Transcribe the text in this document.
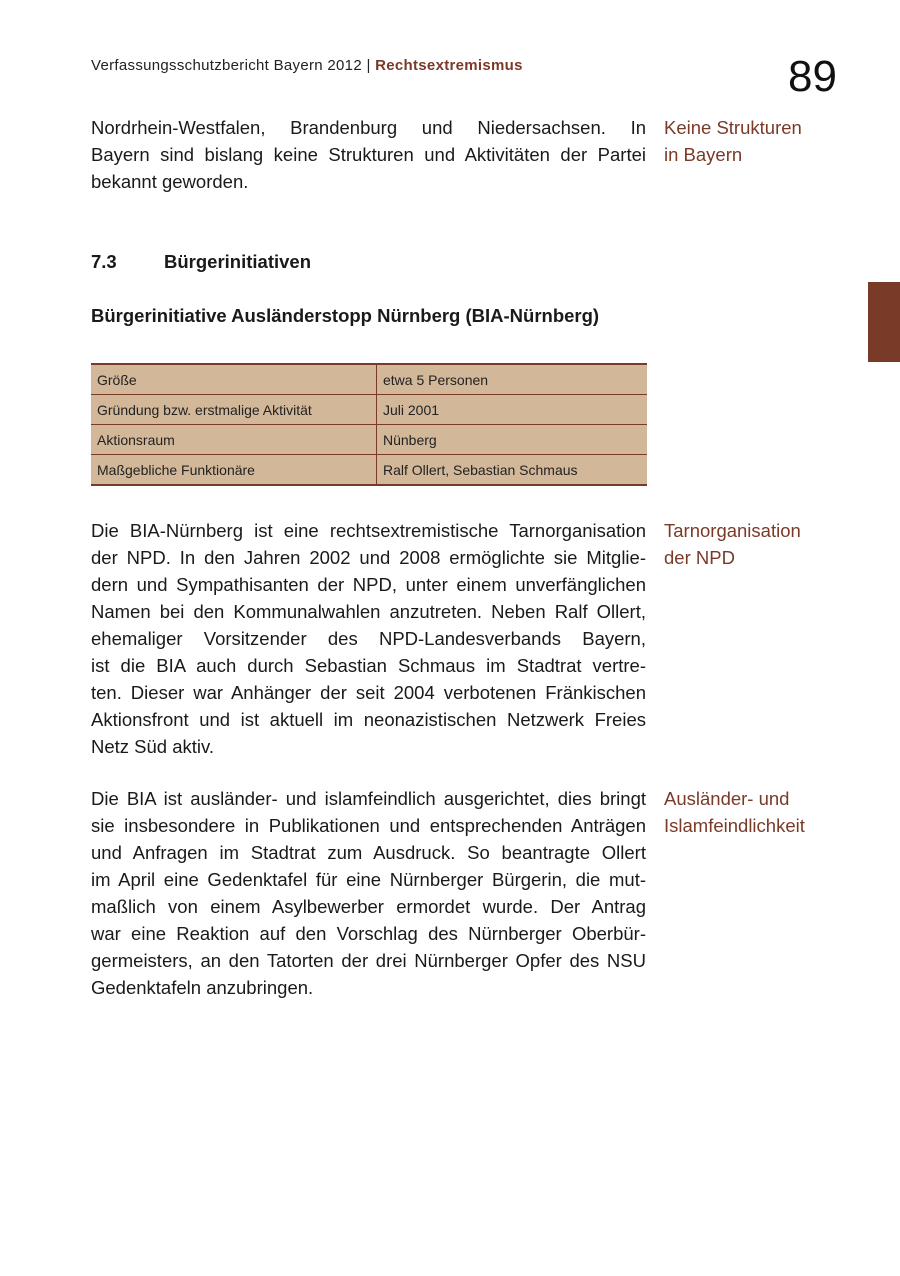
Verfassungsschutzbericht Bayern 2012 | Rechtsextremismus	89
Nordrhein-Westfalen, Brandenburg und Niedersachsen. In
Bayern sind bislang keine Strukturen und Aktivitäten der Partei
bekannt geworden.
Keine Strukturen
in Bayern
7.3	Bürgerinitiativen
Bürgerinitiative Ausländerstopp Nürnberg (BIA-Nürnberg)
Größe	etwa 5 Personen
Gründung bzw. erstmalige Aktivität	Juli 2001
Aktionsraum	Nünberg
Maßgebliche Funktionäre	Ralf Ollert, Sebastian Schmaus
Die BIA-Nürnberg ist eine rechtsextremistische Tarnorganisation
der NPD. In den Jahren 2002 und 2008 ermöglichte sie Mitglie-
dern und Sympathisanten der NPD, unter einem unverfänglichen
Namen bei den Kommunalwahlen anzutreten. Neben Ralf Ollert,
ehemaliger Vorsitzender des NPD-Landesverbands Bayern,
ist die BIA auch durch Sebastian Schmaus im Stadtrat vertre-
ten. Dieser war Anhänger der seit 2004 verbotenen Fränkischen
Aktionsfront und ist aktuell im neonazistischen Netzwerk Freies
Netz Süd aktiv.
Tarnorganisation
der NPD
Die BIA ist ausländer- und islamfeindlich ausgerichtet, dies bringt
sie insbesondere in Publikationen und entsprechenden Anträgen
und Anfragen im Stadtrat zum Ausdruck. So beantragte Ollert
im April eine Gedenktafel für eine Nürnberger Bürgerin, die mut-
maßlich von einem Asylbewerber ermordet wurde. Der Antrag
war eine Reaktion auf den Vorschlag des Nürnberger Oberbür-
germeisters, an den Tatorten der drei Nürnberger Opfer des NSU
Gedenktafeln anzubringen.
Ausländer- und
Islamfeindlichkeit
